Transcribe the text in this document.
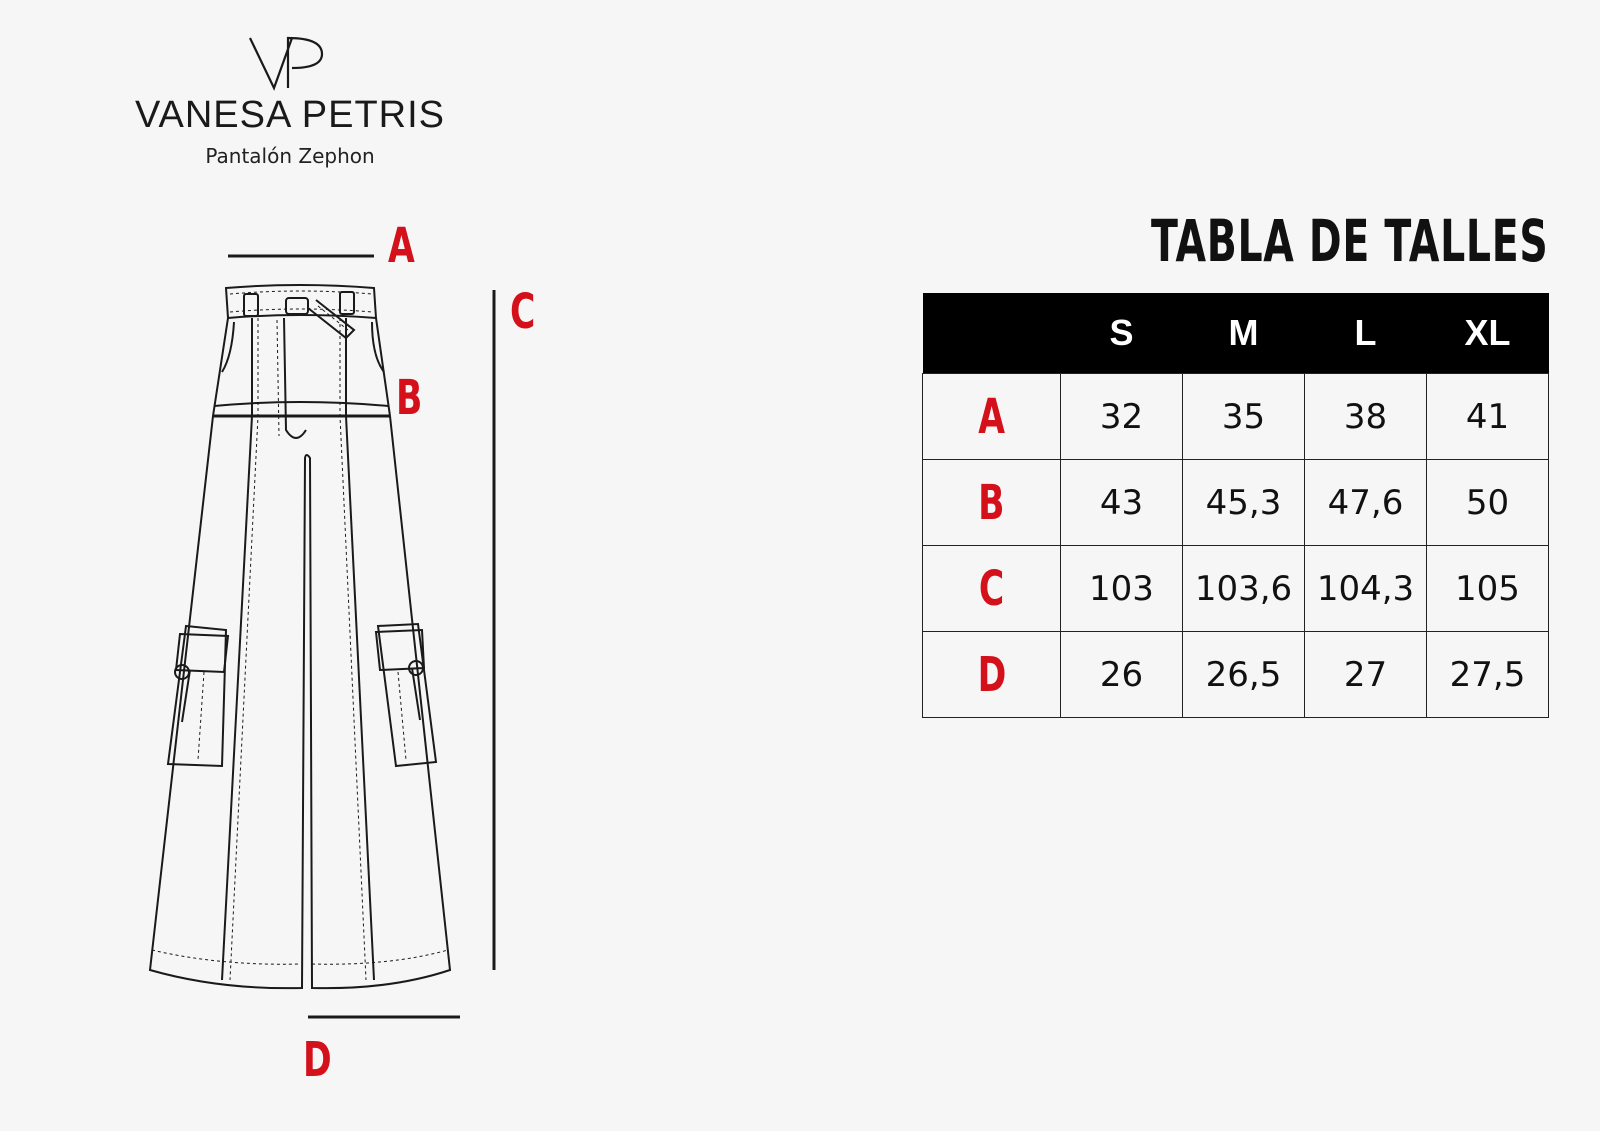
VANESA PETRIS
Pantalón Zephon
A
B
C
D
TABLA DE TALLES
	S	M	L	XL
A	32	35	38	41
B	43	45,3	47,6	50
C	103	103,6	104,3	105
D	26	26,5	27	27,5
